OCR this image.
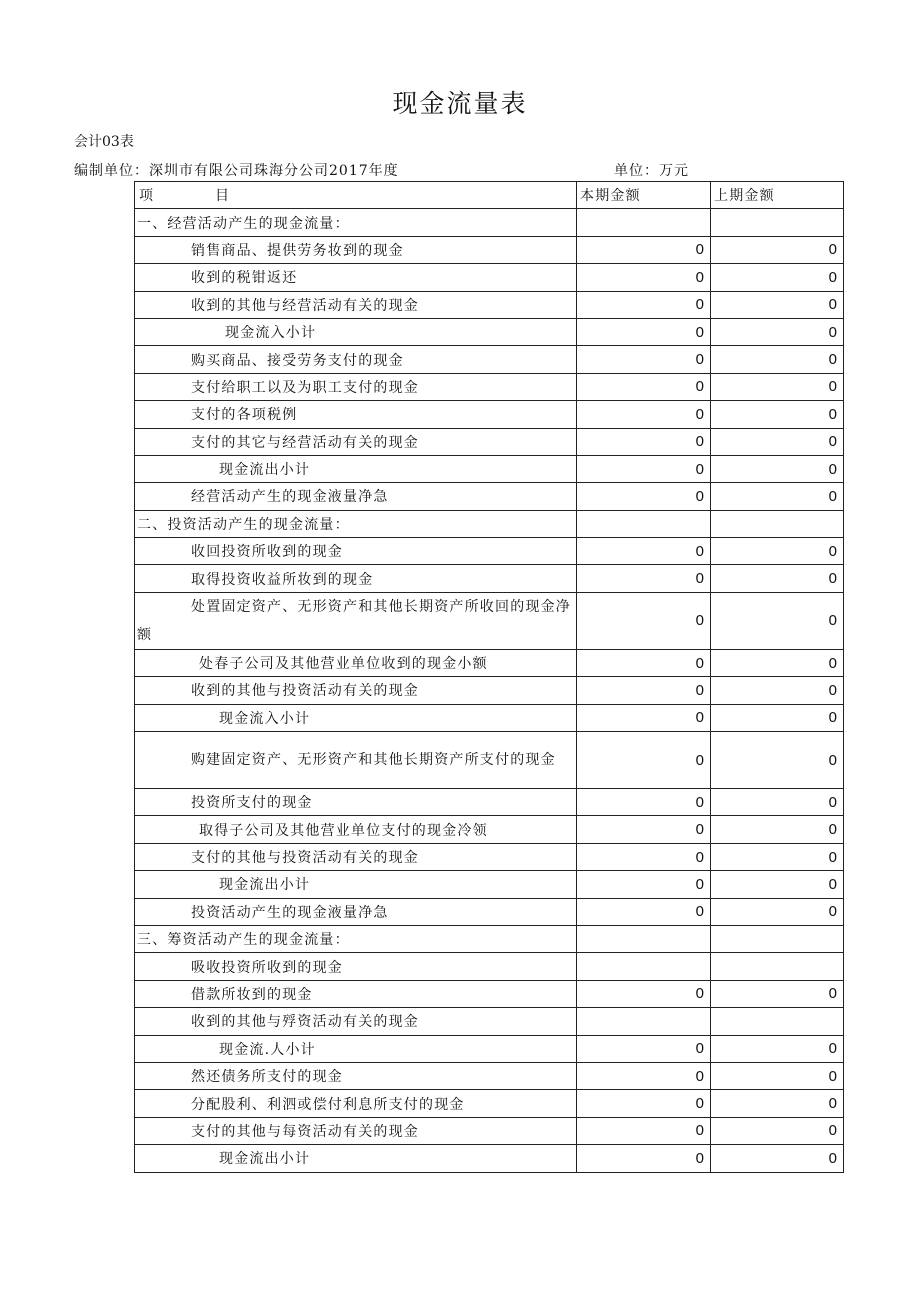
现金流量表
会计03表
编制单位：深圳市有限公司珠海分公司2017年度	单位：万元
项　　　　目	本期金额	上期金额
一、经营活动产生的现金流量：		
销售商品、提供劳务妆到的现金	0	0
收到的税钳返还	0	0
收到的其他与经营活动有关的现金	0	0
现金流入小计	0	0
购买商品、接受劳务支付的现金	0	0
支付给职工以及为职工支付的现金	0	0
支付的各项税例	0	0
支付的其它与经营活动有关的现金	0	0
现金流出小计	0	0
经营活动产生的现金液量净急	0	0
二、投资活动产生的现金流量：		
收回投资所收到的现金	0	0
取得投资收益所妆到的现金	0	0
处置固定资产、无形资产和其他长期资产所收回的现金净额	0	0
处春子公司及其他营业单位收到的现金小额	0	0
收到的其他与投资活动有关的现金	0	0
现金流入小计	0	0
购建固定资产、无形资产和其他长期资产所支付的现金	0	0
投资所支付的现金	0	0
取得子公司及其他营业单位支付的现金冷领	0	0
支付的其他与投资活动有关的现金	0	0
现金流出小计	0	0
投资活动产生的现金液量净急	0	0
三、筹资活动产生的现金流量：		
吸收投资所收到的现金		
借款所妆到的现金	0	0
收到的其他与殍资活动有关的现金		
现金流.人小计	0	0
然还债务所支付的现金	0	0
分配股利、利泗或偿付利息所支付的现金	0	0
支付的其他与每资活动有关的现金	0	0
现金流出小计	0	0
